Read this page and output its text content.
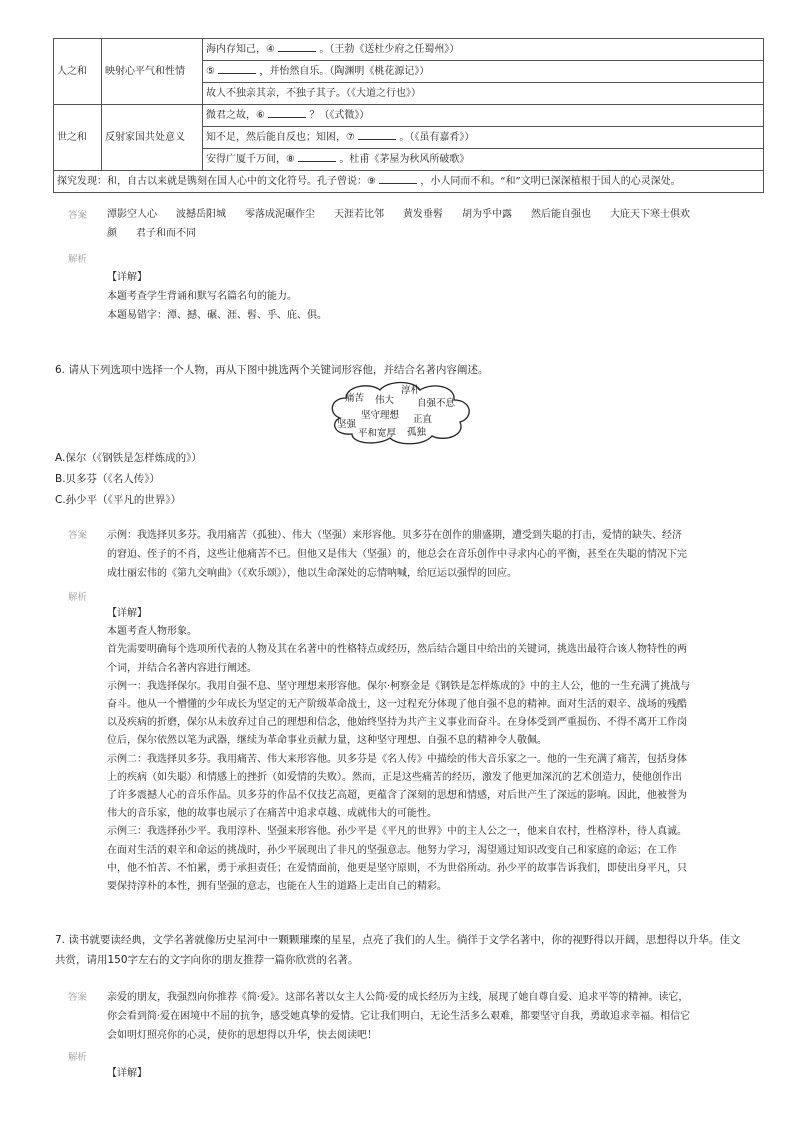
人之和	映射心平气和性情	海内存知己，④ 。（王勃《送杜少府之任蜀州》）
		⑤ ，并怡然自乐。（陶渊明《桃花源记》）
		故人不独亲其亲，不独子其子。（《大道之行也》）
世之和	反射家国共处意义	微君之故，⑥ ？（《式微》）
		知不足，然后能自反也；知困，⑦ 。（《虽有嘉肴》）
		安得广厦千万间，⑧ 。杜甫《茅屋为秋风所破歌》
探究发现：和，自古以来就是镌刻在国人心中的文化符号。孔子曾说：⑨ ，小人同而不和。“和”文明已深深植根于国人的心灵深处。		
答案 潭影空人心 波撼岳阳城 零落成泥碾作尘 天涯若比邻 黄发垂髫 胡为乎中露 然后能自强也 大庇天下寒士俱欢
颜 君子和而不同
解析

【详解】

本题考查学生背诵和默写名篇名句的能力。

本题易错字：潭、撼、碾、涯、髫、乎、庇、俱。

6. 请从下列选项中选择一个人物，再从下图中挑选两个关键词形容他，并结合名著内容阐述。
痛苦 伟大
淳朴
自强不息
坚守理想
坚强	正直
平和宽厚 孤独
A.保尔（《钢铁是怎样炼成的》）
B.贝多芬（《名人传》）
C.孙少平（《平凡的世界》）
答案 示例：我选择贝多芬。我用痛苦（孤独）、伟大（坚强）来形容他。贝多芬在创作的鼎盛期，遭受到失聪的打击，爱情的缺失、经济

的窘迫、侄子的不肖，这些让他痛苦不已。但他又是伟大（坚强）的，他总会在音乐创作中寻求内心的平衡，甚至在失聪的情况下完

成壮丽宏伟的《第九交响曲》（《欢乐颂》），他以生命深处的忘情呐喊，给厄运以强悍的回应。

解析

【详解】

本题考查人物形象。

首先需要明确每个选项所代表的人物及其在名著中的性格特点或经历，然后结合题目中给出的关键词，挑选出最符合该人物特性的两

个词，并结合名著内容进行阐述。

示例一：我选择保尔。我用自强不息、坚守理想来形容他。保尔·柯察金是《钢铁是怎样炼成的》中的主人公，他的一生充满了挑战与

奋斗。他从一个懵懂的少年成长为坚定的无产阶级革命战士，这一过程充分体现了他自强不息的精神。面对生活的艰辛、战场的残酷

以及疾病的折磨，保尔从未放弃过自己的理想和信念，他始终坚持为共产主义事业而奋斗。在身体受到严重损伤、不得不离开工作岗

位后，保尔依然以笔为武器，继续为革命事业贡献力量，这种坚守理想、自强不息的精神令人敬佩。

示例二：我选择贝多芬。我用痛苦、伟大来形容他。贝多芬是《名人传》中描绘的伟大音乐家之一。他的一生充满了痛苦，包括身体

上的疾病（如失聪）和情感上的挫折（如爱情的失败）。然而，正是这些痛苦的经历，激发了他更加深沉的艺术创造力，使他创作出

了许多震撼人心的音乐作品。贝多芬的作品不仅技艺高超，更蕴含了深刻的思想和情感，对后世产生了深远的影响。因此，他被誉为

伟大的音乐家，他的故事也展示了在痛苦中追求卓越、成就伟大的可能性。

示例三：我选择孙少平。我用淳朴、坚强来形容他。孙少平是《平凡的世界》中的主人公之一，他来自农村，性格淳朴，待人真诚。

在面对生活的艰辛和命运的挑战时，孙少平展现出了非凡的坚强意志。他努力学习，渴望通过知识改变自己和家庭的命运；在工作

中，他不怕苦、不怕累，勇于承担责任；在爱情面前，他更是坚守原则，不为世俗所动。孙少平的故事告诉我们，即使出身平凡，只

要保持淳朴的本性，拥有坚强的意志，也能在人生的道路上走出自己的精彩。

7. 读书就要读经典，文学名著就像历史星河中一颗颗璀璨的星星，点亮了我们的人生。徜徉于文学名著中，你的视野得以开阔，思想得以升华。佳文
共赏，请用150字左右的文字向你的朋友推荐一篇你欣赏的名著。
答案 亲爱的朋友，我强烈向你推荐《简·爱》。这部名著以女主人公简·爱的成长经历为主线，展现了她自尊自爱、追求平等的精神。读它，

你会看到简·爱在困境中不屈的抗争，感受她真挚的爱情。它让我们明白，无论生活多么艰难，都要坚守自我，勇敢追求幸福。相信它

会如明灯照亮你的心灵，使你的思想得以升华，快去阅读吧！

解析

【详解】
